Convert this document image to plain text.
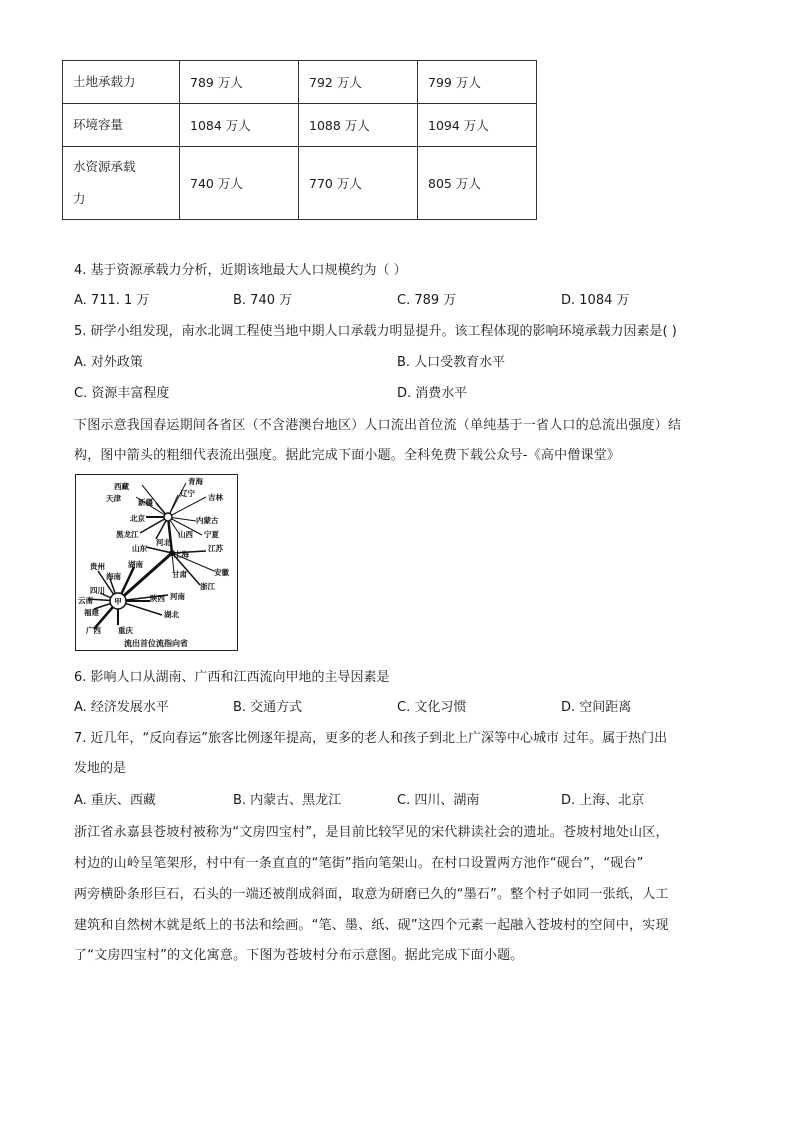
土地承载力	789 万人	792 万人	799 万人
环境容量	1084 万人	1088 万人	1094 万人

水资源承载
力	740 万人	770 万人	805 万人
4. 基于资源承载力分析，近期该地最大人口规模约为（ ）
A. 711. 1 万	B. 740 万	C. 789 万	D. 1084 万
5. 研学小组发现，南水北调工程使当地中期人口承载力明显提升。该工程体现的影响环境承载力因素是( )
A. 对外政策	B. 人口受教育水平
C. 资源丰富程度	D. 消费水平
下图示意我国春运期间各省区（不含港澳台地区）人口流出首位流（单纯基于一省人口的总流出强度）结
构，图中箭头的粗细代表流出强度。据此完成下面小题。全科免费下载公众号-《高中僧课堂》
甲
青海
西藏
辽宁 吉林
天津 新疆
北京	内蒙古
黑龙江	山西 宁夏
河北
山东	江苏
上海
贵州	湖南
海南	安徽
浙江
甘肃
四川
云南	陕西 河南
福建	湖北
广西 重庆
流出首位流指向省
6. 影响人口从湖南、广西和江西流向甲地的主导因素是
A. 经济发展水平	B. 交通方式	C. 文化习惯	D. 空间距离
7. 近几年，“反向春运”旅客比例逐年提高，更多的老人和孩子到北上广深等中心城市 过年。属于热门出
发地的是
A. 重庆、西藏	B. 内蒙古、黑龙江	C. 四川、湖南	D. 上海、北京
浙江省永嘉县苍坡村被称为“文房四宝村”，是目前比较罕见的宋代耕读社会的遗址。苍坡村地处山区，
村边的山岭呈笔架形，村中有一条直直的“笔街”指向笔架山。在村口设置两方池作“砚台”，“砚台”
两旁横卧条形巨石，石头的一端还被削成斜面，取意为研磨已久的“墨石”。整个村子如同一张纸，人工
建筑和自然树木就是纸上的书法和绘画。“笔、墨、纸、砚”这四个元素一起融入苍坡村的空间中，实现
了“文房四宝村”的文化寓意。下图为苍坡村分布示意图。据此完成下面小题。
